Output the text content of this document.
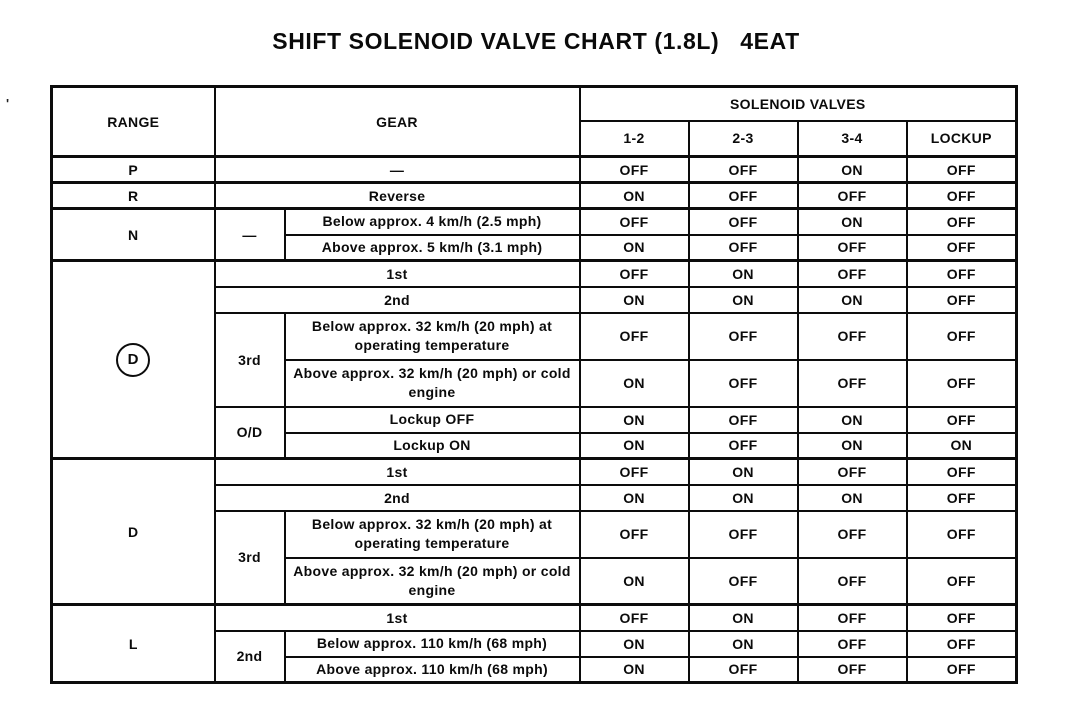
SHIFT SOLENOID VALVE CHART (1.8L)   4EAT
'
RANGE	GEAR		SOLENOID VALVES			
			1-2	2-3	3-4	LOCKUP
P	—		OFF	OFF	ON	OFF
R	Reverse		ON	OFF	OFF	OFF
N	—	Below approx. 4 km/h (2.5 mph)	OFF	OFF	ON	OFF
		Above approx. 5 km/h (3.1 mph)	ON	OFF	OFF	OFF
D	1st		OFF	ON	OFF	OFF
	2nd		ON	ON	ON	OFF
	3rd	Below approx. 32 km/h (20 mph) at operating temperature	OFF	OFF	OFF	OFF
		Above approx. 32 km/h (20 mph) or cold engine	ON	OFF	OFF	OFF
	O/D	Lockup OFF	ON	OFF	ON	OFF
		Lockup ON	ON	OFF	ON	ON
D	1st		OFF	ON	OFF	OFF
	2nd		ON	ON	ON	OFF
	3rd	Below approx. 32 km/h (20 mph) at operating temperature	OFF	OFF	OFF	OFF
		Above approx. 32 km/h (20 mph) or cold engine	ON	OFF	OFF	OFF
L	1st		OFF	ON	OFF	OFF
	2nd	Below approx. 110 km/h (68 mph)	ON	ON	OFF	OFF
		Above approx. 110 km/h (68 mph)	ON	OFF	OFF	OFF
